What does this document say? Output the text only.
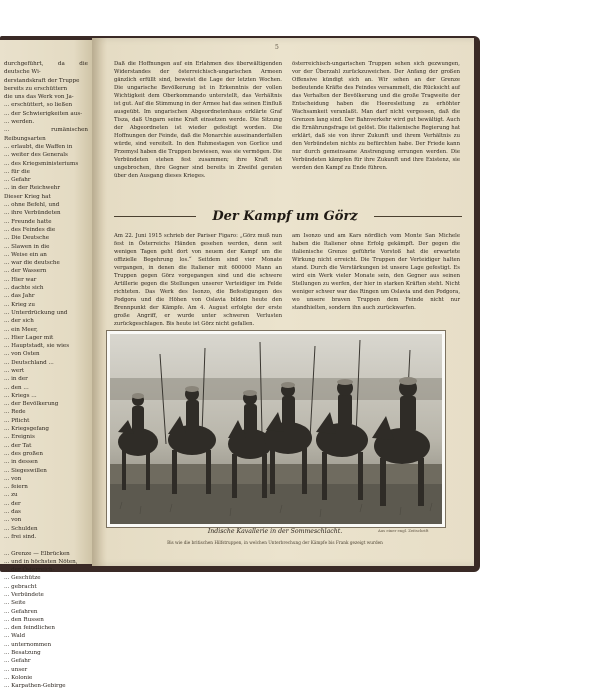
durchgeführt, da die deutsche Wi-
derstandskraft der Truppe
bereits zu erschüttern
die uns das Werk von Ja-
... erschüttert, so ließen
... der Schwierigkeiten aus-
... werden.
... rumänischen Reibungsarten
... erlaubt, die Waffen in
... weiter des Generals
... des Kriegsministeriums
... für die
... Gefahr
... in der Reichwehr
Dieser Krieg hat
... ohne Befehl, und
... ihre Verbündeten
... Freunde hatte
... des Feindes die
... Die Deutsche
... Slawen in die
... Weise ein an
... war die deutsche
... der Wassern
... Hier war
... dachte sich
... das Jahr
... Krieg zu
... Unterdrückung und
... der sich
... ein Meer,
... Hier Lager mit
... Hauptstadt, sie wies
... von Osten
... Deutschland ...
... wert
... in der
... den ...
... Kriegs ...
... der Bevölkerung
... Rede
... Pflicht
... Kriegsgefang
... Ereignis
... der Tat
... des großen
... in dessen
... Siegeswillen
... von
... feiern
... zu
... der
... das
... von
... Schulden
... frei sind.

... Grenze — Elbrücken
... und in höchsten Nöten,
... der Österreich-
... Geschütze
... gebracht
... Verbündete
... Seite
... Gefahren
... den Russen
... den feindlichen
... Wald
... unternommen
... Besatzung
... Gefahr
... unser
... Kolonie
... Karpathen-Gebirge
5
Daß die Hoffnungen auf ein Erlahmen des überwältigenden Widerstandes der österreichisch-ungarischen Armeen gänzlich erfüllt sind, beweist die Lage der letzten Wochen. Die ungarische Bevölkerung ist in Erkenntnis der vollen Wichtigkeit dem Oberkommando unterstellt, das Verhältnis ist gut. Auf die Stimmung in der Armee hat das seinen Einfluß ausgeübt. Im ungarischen Abgeordnetenhaus erklärte Graf Tisza, daß Ungarn seine Kraft einsetzen werde. Die Sitzung der Abgeordneten ist wieder gefestigt worden. Die Hoffnungen der Feinde, daß die Monarchie auseinanderfallen würde, sind vereitelt. In den Ruhmestagen von Gorlice und Przemysl haben die Truppen bewiesen, was sie vermögen. Die Verbündeten stehen fest zusammen; ihre Kraft ist ungebrochen, ihre Gegner sind bereits in Zweifel geraten über den Ausgang dieses Krieges.
österreichisch-ungarischen Truppen sehen sich gezwungen, vor der Überzahl zurückzuweichen. Der Anfang der großen Offensive kündigt sich an. Wir sehen an der Grenze bedeutende Kräfte des Feindes versammelt, die Rücksicht auf das Verhalten der Bevölkerung und die große Tragweite der Entscheidung haben die Heeresleitung zu erhöhter Wachsamkeit veranlaßt. Man darf nicht vergessen, daß die Grenzen lang sind. Der Bahnverkehr wird gut bewältigt. Auch die Ernährungsfrage ist gelöst. Die italienische Regierung hat erklärt, daß sie von ihrer Zukunft und ihrem Verhältnis zu den Verbündeten nichts zu befürchten habe. Der Friede kann nur durch gemeinsame Anstrengung errungen werden. Die Verbündeten kämpfen für ihre Zukunft und ihre Existenz, sie werden den Kampf zu Ende führen.
Der Kampf um Görz
Am 22. Juni 1915 schrieb der Pariser Figaro: „Görz muß nun fest in Österreichs Händen gesehen werden, denn seit wenigen Tagen geht dort von neuem der Kampf um die offizielle Begehrung los.“ Seitdem sind vier Monate vergangen, in denen die Italiener mit 600000 Mann an Truppen gegen Görz vorgegangen sind und die schwere Artillerie gegen die Stellungen unserer Verteidiger im Felde richteten. Das Werk des Isonzo, die Befestigungen des Podgora und die Höhen von Oslavia bilden heute den Brennpunkt der Kämpfe. Am 4. August erfolgte der erste große Angriff, er wurde unter schweren Verlusten zurückgeschlagen. Bis heute ist Görz nicht gefallen.
am Isonzo und am Kars nördlich vom Monte San Michele haben die Italiener ohne Erfolg gekämpft. Der gegen die italienische Grenze geführte Vorstoß hat die erwartete Wirkung nicht erreicht. Die Truppen der Verteidiger halten stand. Durch die Verstärkungen ist unsere Lage gefestigt. Es wird ein Werk vieler Monate sein, den Gegner aus seinen Stellungen zu werfen, der hier in starken Kräften steht. Nicht weniger schwer war das Ringen um Oslavia und den Podgora, wo unsere braven Truppen dem Feinde nicht nur standhielten, sondern ihn auch zurückwarfen.
Indische Kavallerie in der Sommeschlacht.	Aus einer engl. Zeitschrift
Bis wie die britischen Hilfstruppen, in welchen Unterbrechung der Kämpfe bis Frank gezeigt wurden
